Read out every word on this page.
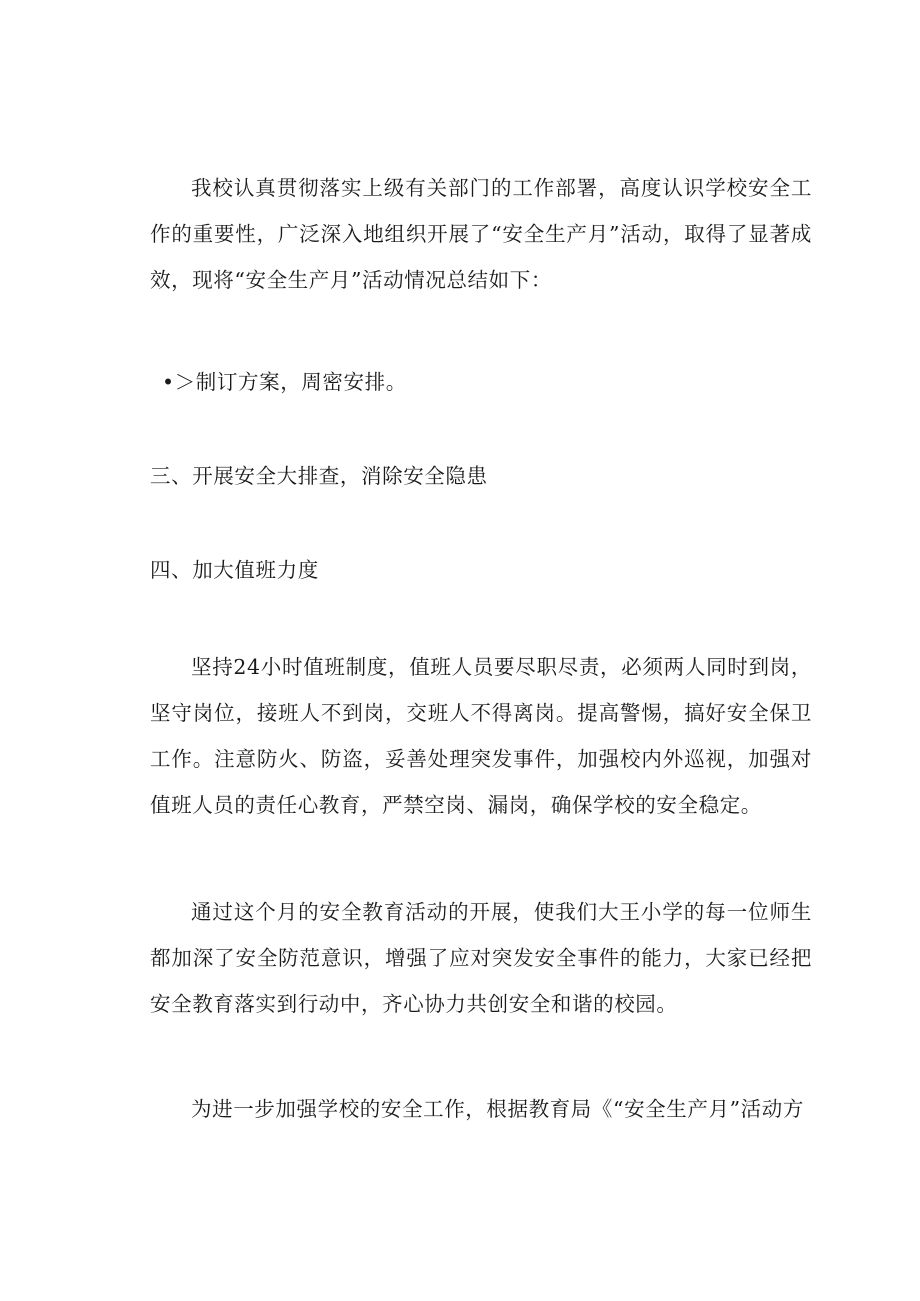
我校认真贯彻落实上级有关部门的工作部署，高度认识学校安全工作的重要性，广泛深入地组织开展了“安全生产月”活动，取得了显著成效，现将“安全生产月”活动情况总结如下：

•＞制订方案，周密安排。

三、开展安全大排查，消除安全隐患

四、加大值班力度

坚持24小时值班制度，值班人员要尽职尽责，必须两人同时到岗，坚守岗位，接班人不到岗，交班人不得离岗。提高警惕，搞好安全保卫工作。注意防火、防盗，妥善处理突发事件，加强校内外巡视，加强对值班人员的责任心教育，严禁空岗、漏岗，确保学校的安全稳定。

通过这个月的安全教育活动的开展，使我们大王小学的每一位师生都加深了安全防范意识，增强了应对突发安全事件的能力，大家已经把安全教育落实到行动中，齐心协力共创安全和谐的校园。

为进一步加强学校的安全工作，根据教育局《“安全生产月”活动方
